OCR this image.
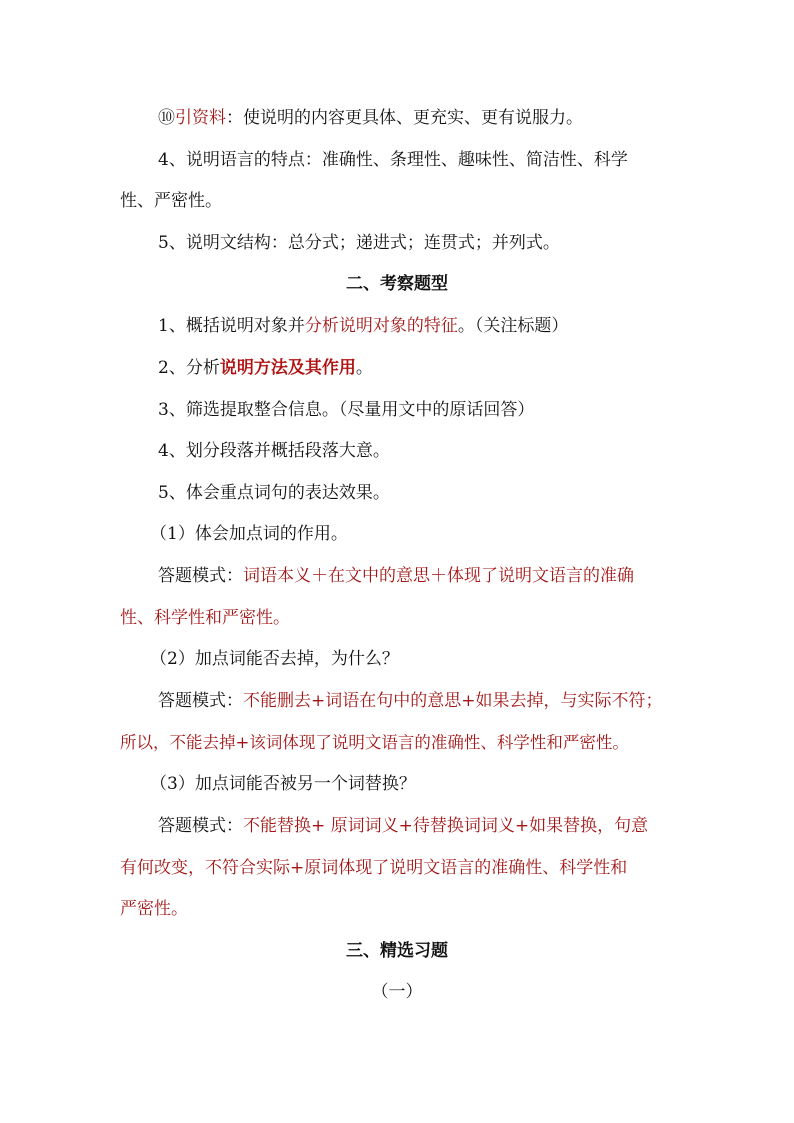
⑩引资料：使说明的内容更具体、更充实、更有说服力。
4、说明语言的特点：准确性、条理性、趣味性、简洁性、科学
性、严密性。
5、说明文结构：总分式；递进式；连贯式；并列式。
二、考察题型
1、概括说明对象并分析说明对象的特征。（关注标题）
2、分析说明方法及其作用。
3、筛选提取整合信息。（尽量用文中的原话回答）
4、划分段落并概括段落大意。
5、体会重点词句的表达效果。
（1）体会加点词的作用。
答题模式：词语本义＋在文中的意思＋体现了说明文语言的准确
性、科学性和严密性。
（2）加点词能否去掉，为什么？
答题模式：不能删去+词语在句中的意思+如果去掉，与实际不符；
所以，不能去掉+该词体现了说明文语言的准确性、科学性和严密性。
（3）加点词能否被另一个词替换？
答题模式：不能替换+ 原词词义+待替换词词义+如果替换，句意
有何改变，不符合实际+原词体现了说明文语言的准确性、科学性和
严密性。
三、精选习题
（一）
